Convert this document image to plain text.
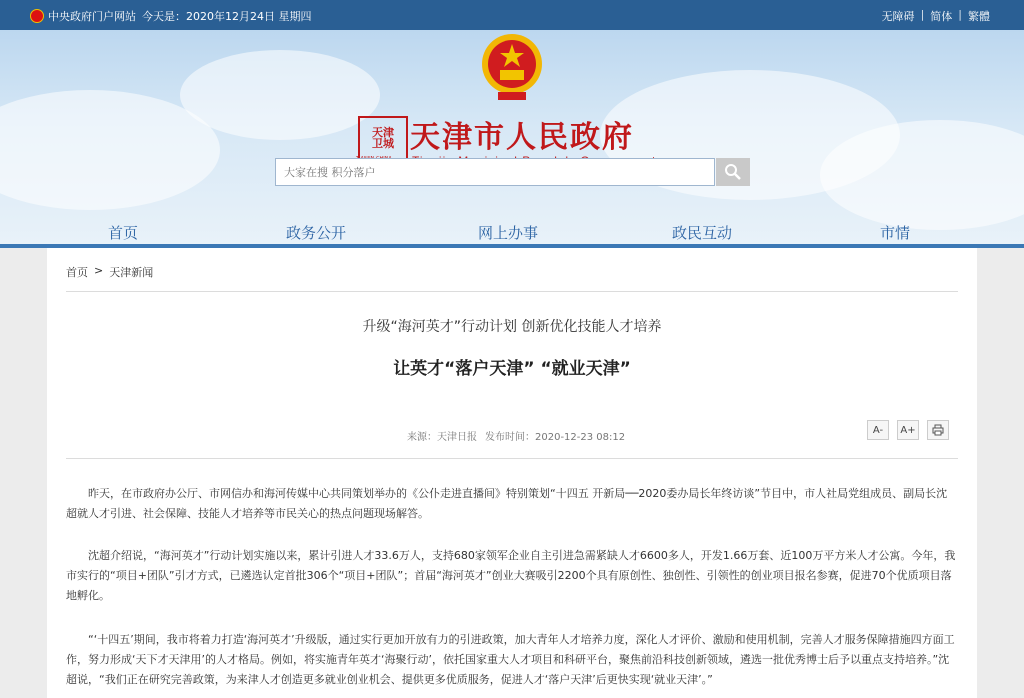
中央政府门户网站 今天是：2020年12月24日 星期四	无障碍 | 简体 | 繁體
天津
卫城 天津市人民政府
大家在搜 积分落户
首页	政务公开	网上办事	政民互动	市情
首页 > 天津新闻
升级“海河英才”行动计划 创新优化技能人才培养
让英才“落户天津” “就业天津”
来源：天津日报 发布时间：2020-12-23 08:12
A- A+
昨天，在市政府办公厅、市网信办和海河传媒中心共同策划举办的《公仆走进直播间》特别策划“十四五 开新局──2020委办局长年终访谈”节目中，市人社局党组成员、副局长沈超就人才引进、社会保障、技能人才培养等市民关心的热点问题现场解答。
沈超介绍说，“海河英才”行动计划实施以来，累计引进人才33.6万人，支持680家领军企业自主引进急需紧缺人才6600多人，开发1.66万套、近100万平方米人才公寓。今年，我市实行的“项目+团队”引才方式，已遴选认定首批306个“项目+团队”；首届“海河英才”创业大赛吸引2200个具有原创性、独创性、引领性的创业项目报名参赛，促进70个优质项目落地孵化。
“‘十四五’期间，我市将着力打造‘海河英才’升级版，通过实行更加开放有力的引进政策，加大青年人才培养力度，深化人才评价、激励和使用机制，完善人才服务保障措施四方面工作，努力形成‘天下才天津用’的人才格局。例如，将实施青年英才‘海聚行动’，依托国家重大人才项目和科研平台，聚焦前沿科技创新领域，遴选一批优秀博士后予以重点支持培养。”沈超说，“我们正在研究完善政策，为来津人才创造更多就业创业机会、提供更多优质服务，促进人才‘落户天津’后更快实现‘就业天津’。”
